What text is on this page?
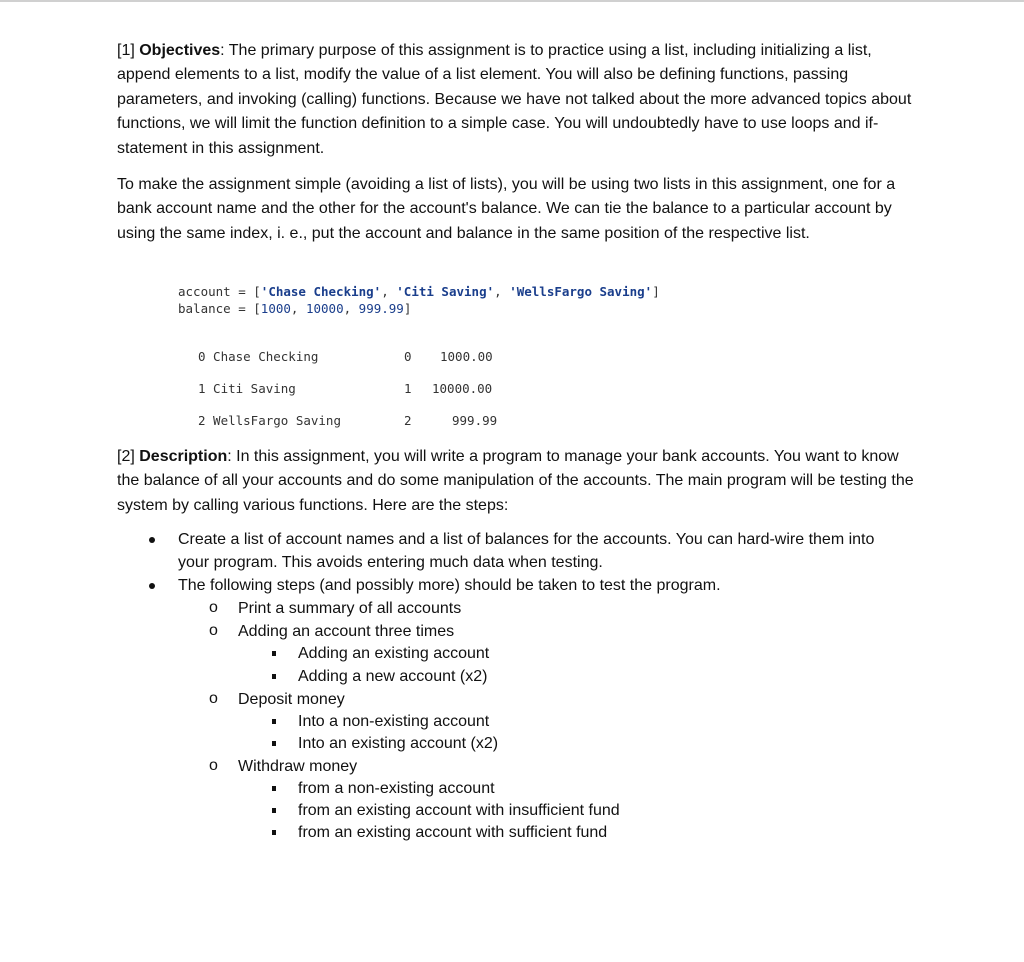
[1] Objectives: The primary purpose of this assignment is to practice using a list, including initializing a list, append elements to a list, modify the value of a list element. You will also be defining functions, passing parameters, and invoking (calling) functions. Because we have not talked about the more advanced topics about functions, we will limit the function definition to a simple case. You will undoubtedly have to use loops and if-statement in this assignment.

To make the assignment simple (avoiding a list of lists), you will be using two lists in this assignment, one for a bank account name and the other for the account's balance. We can tie the balance to a particular account by using the same index, i. e., put the account and balance in the same position of the respective list.

account = ['Chase Checking', 'Citi Saving', 'WellsFargo Saving']
balance = [1000, 10000, 999.99]
0 Chase Checking	0 1000.00
1 Citi Saving	1 10000.00
2 WellsFargo Saving	2	999.99

[2] Description: In this assignment, you will write a program to manage your bank accounts. You want to know the balance of all your accounts and do some manipulation of the accounts. The main program will be testing the system by calling various functions. Here are the steps:

Create a list of account names and a list of balances for the accounts. You can hard-wire them into
your program. This avoids entering much data when testing.
The following steps (and possibly more) should be taken to test the program.
o Print a summary of all accounts
o Adding an account three times
Adding an existing account
Adding a new account (x2)
o Deposit money
Into a non-existing account
Into an existing account (x2)
o Withdraw money
from a non-existing account
from an existing account with insufficient fund
from an existing account with sufficient fund
